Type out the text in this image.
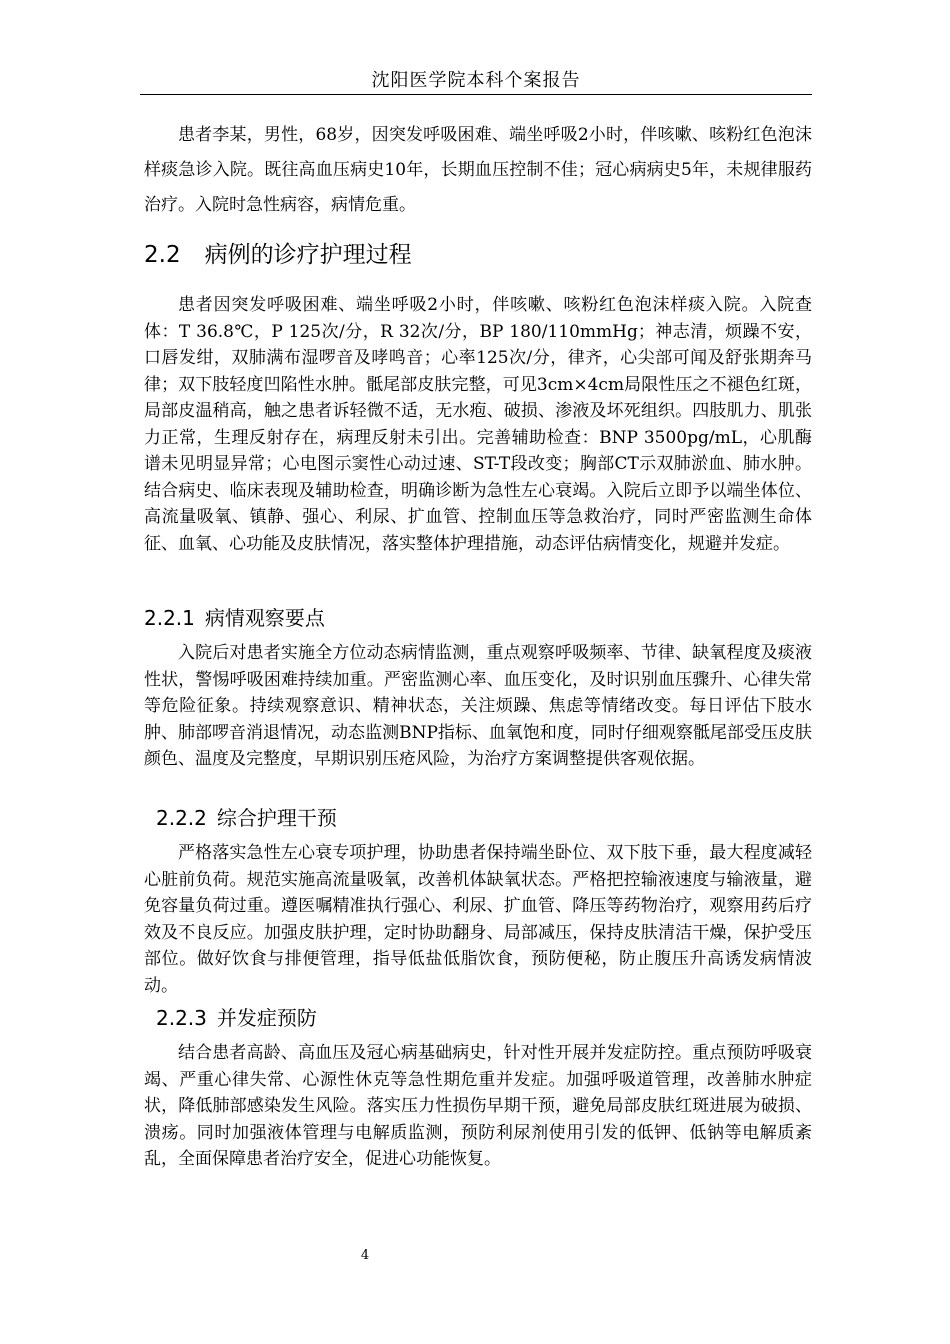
沈阳医学院本科个案报告

患者李某，男性，68岁，因突发呼吸困难、端坐呼吸2小时，伴咳嗽、咳粉红色泡沫样痰急诊入院。既往高血压病史10年，长期血压控制不佳；冠心病病史5年，未规律服药治疗。入院时急性病容，病情危重。

2.2 病例的诊疗护理过程

患者因突发呼吸困难、端坐呼吸2小时，伴咳嗽、咳粉红色泡沫样痰入院。入院查体：T 36.8℃，P 125次/分，R 32次/分，BP 180/110mmHg；神志清，烦躁不安，口唇发绀，双肺满布湿啰音及哮鸣音；心率125次/分，律齐，心尖部可闻及舒张期奔马律；双下肢轻度凹陷性水肿。骶尾部皮肤完整，可见3cm×4cm局限性压之不褪色红斑，局部皮温稍高，触之患者诉轻微不适，无水疱、破损、渗液及坏死组织。四肢肌力、肌张力正常，生理反射存在，病理反射未引出。完善辅助检查：BNP 3500pg/mL，心肌酶谱未见明显异常；心电图示窦性心动过速、ST-T段改变；胸部CT示双肺淤血、肺水肿。结合病史、临床表现及辅助检查，明确诊断为急性左心衰竭。入院后立即予以端坐体位、高流量吸氧、镇静、强心、利尿、扩血管、控制血压等急救治疗，同时严密监测生命体征、血氧、心功能及皮肤情况，落实整体护理措施，动态评估病情变化，规避并发症。

2.2.1 病情观察要点

入院后对患者实施全方位动态病情监测，重点观察呼吸频率、节律、缺氧程度及痰液性状，警惕呼吸困难持续加重。严密监测心率、血压变化，及时识别血压骤升、心律失常等危险征象。持续观察意识、精神状态，关注烦躁、焦虑等情绪改变。每日评估下肢水肿、肺部啰音消退情况，动态监测BNP指标、血氧饱和度，同时仔细观察骶尾部受压皮肤颜色、温度及完整度，早期识别压疮风险，为治疗方案调整提供客观依据。

2.2.2 综合护理干预

严格落实急性左心衰专项护理，协助患者保持端坐卧位、双下肢下垂，最大程度减轻心脏前负荷。规范实施高流量吸氧，改善机体缺氧状态。严格把控输液速度与输液量，避免容量负荷过重。遵医嘱精准执行强心、利尿、扩血管、降压等药物治疗，观察用药后疗效及不良反应。加强皮肤护理，定时协助翻身、局部减压，保持皮肤清洁干燥，保护受压部位。做好饮食与排便管理，指导低盐低脂饮食，预防便秘，防止腹压升高诱发病情波动。

2.2.3 并发症预防

结合患者高龄、高血压及冠心病基础病史，针对性开展并发症防控。重点预防呼吸衰竭、严重心律失常、心源性休克等急性期危重并发症。加强呼吸道管理，改善肺水肿症状，降低肺部感染发生风险。落实压力性损伤早期干预，避免局部皮肤红斑进展为破损、溃疡。同时加强液体管理与电解质监测，预防利尿剂使用引发的低钾、低钠等电解质紊乱，全面保障患者治疗安全，促进心功能恢复。

4
